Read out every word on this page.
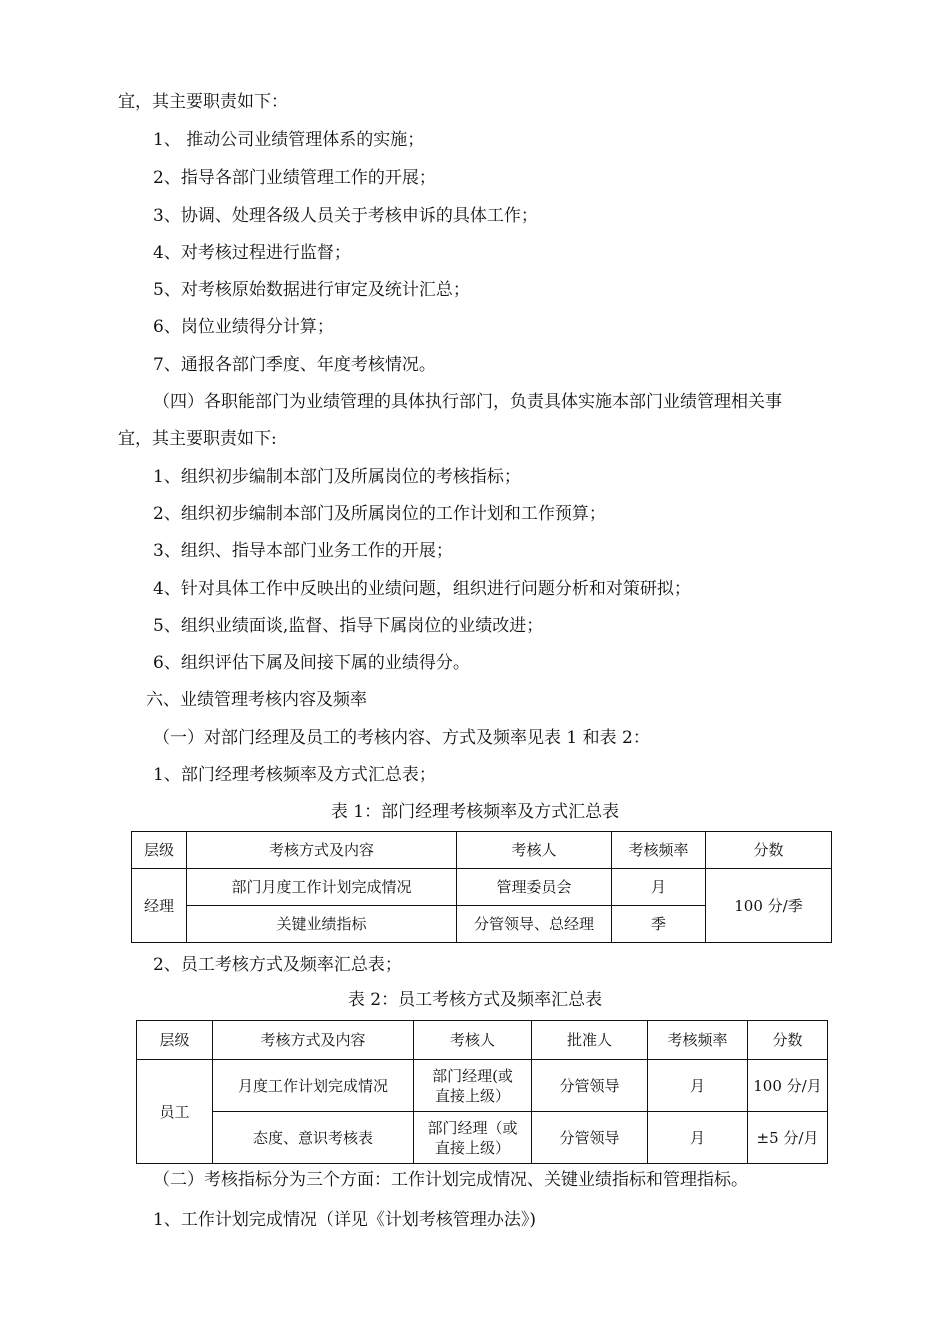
宜，其主要职责如下：
1、 推动公司业绩管理体系的实施；
2、指导各部门业绩管理工作的开展；
3、协调、处理各级人员关于考核申诉的具体工作；
4、对考核过程进行监督；
5、对考核原始数据进行审定及统计汇总；
6、岗位业绩得分计算；
7、通报各部门季度、年度考核情况。
（四）各职能部门为业绩管理的具体执行部门，负责具体实施本部门业绩管理相关事
宜，其主要职责如下:
1、组织初步编制本部门及所属岗位的考核指标；
2、组织初步编制本部门及所属岗位的工作计划和工作预算；
3、组织、指导本部门业务工作的开展；
4、针对具体工作中反映出的业绩问题，组织进行问题分析和对策研拟；
5、组织业绩面谈,监督、指导下属岗位的业绩改进；
6、组织评估下属及间接下属的业绩得分。
六、业绩管理考核内容及频率
（一）对部门经理及员工的考核内容、方式及频率见表 1 和表 2：
1、部门经理考核频率及方式汇总表；
表 1：部门经理考核频率及方式汇总表
层级	考核方式及内容	考核人	考核频率	分数
经理	部门月度工作计划完成情况	管理委员会	月	100 分/季
	关键业绩指标	分管领导、总经理	季	
2、员工考核方式及频率汇总表；
表 2：员工考核方式及频率汇总表
层级	考核方式及内容	考核人	批准人	考核频率	分数
员工	月度工作计划完成情况	部门经理(或
直接上级）	分管领导	月	100 分/月
	态度、意识考核表	部门经理（或
直接上级）	分管领导	月	±5 分/月
（二）考核指标分为三个方面：工作计划完成情况、关键业绩指标和管理指标。
1、工作计划完成情况（详见《计划考核管理办法》)
